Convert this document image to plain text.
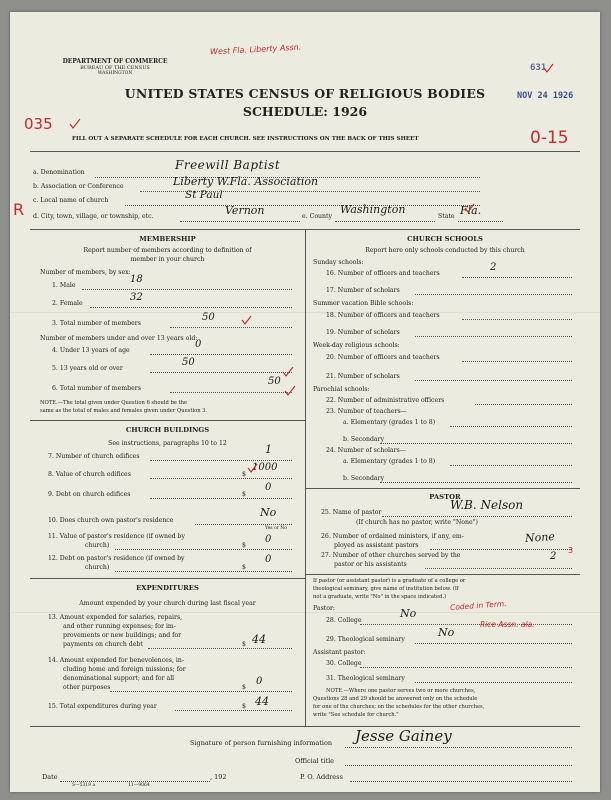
DEPARTMENT OF COMMERCE
BUREAU OF THE CENSUS
WASHINGTON
West Fla. Liberty Assn.
631
NOV 24 1926
UNITED STATES CENSUS OF RELIGIOUS BODIES
SCHEDULE: 1926
035
0-15
FILL OUT A SEPARATE SCHEDULE FOR EACH CHURCH. SEE INSTRUCTIONS ON THE BACK OF THIS SHEET
a. Denomination
Freewill Baptist
b. Association or Conference	Liberty W.Fla. Association
c. Local name of church	St Paul
R d. City, town, village, or township, etc.	Vernon	e. County
Washington
State Fla.
MEMBERSHIP
Report number of members according to definition of
member in your church
Number of members, by sex:
1. Male
18
2. Female
32
3. Total number of members
50
Number of members under and over 13 years old:
4. Under 13 years of age
0
5. 13 years old or over
50
6. Total number of members
50
NOTE.—The total given under Question 6 should be the
same as the total of males and females given under Question 3.
CHURCH BUILDINGS
See instructions, paragraphs 10 to 12
7. Number of church edifices
1
8. Value of church edifices	$
1000
9. Debt on church edifices	$
0
10. Does church own pastor's residence
No
Yes or No
11. Value of pastor's residence (if owned by
church)	$
0
12. Debt on pastor's residence (if owned by
church)	$
0
EXPENDITURES
Amount expended by your church during last fiscal year
13. Amount expended for salaries, repairs,
and other running expenses; for im-
provements or new buildings; and for
payments on church debt	$ 44
14. Amount expended for benevolences, in-
cluding home and foreign missions; for
denominational support; and for all
other purposes	$
0
15. Total expenditures during year	$ 44
CHURCH SCHOOLS
Report here only schools conducted by this church
Sunday schools:
16. Number of officers and teachers
2
17. Number of scholars
Summer vacation Bible schools:
18. Number of officers and teachers
19. Number of scholars
Week-day religious schools:
20. Number of officers and teachers
21. Number of scholars
Parochial schools:
22. Number of administrative officers
23. Number of teachers—
a. Elementary (grades 1 to 8)
b. Secondary
24. Number of scholars—
a. Elementary (grades 1 to 8)
b. Secondary
PASTOR
25. Name of pastor
W.B. Nelson
(If church has no pastor, write "None")
26. Number of ordained ministers, if any, em-
ployed as assistant pastors
None
27. Number of other churches served by the
pastor or his assistants
2
3
If pastor (or assistant pastor) is a graduate of a college or
theological seminary, give name of institution below. (If
not a graduate, write "No" in the space indicated.)
Pastor:
28. College
No
Coded in Term.
29. Theological seminary
No
Rice Assn. ala.
Assistant pastor:
30. College
31. Theological seminary
NOTE.—Where one pastor serves two or more churches,
Questions 28 and 29 should be answered only on the schedule
for one of the churches; on the schedules for the other churches,
write "See schedule for church."
Signature of person furnishing information Jesse Gainey
Official title
Date	, 192	P. O. Address
S—5319 a	11—9064
